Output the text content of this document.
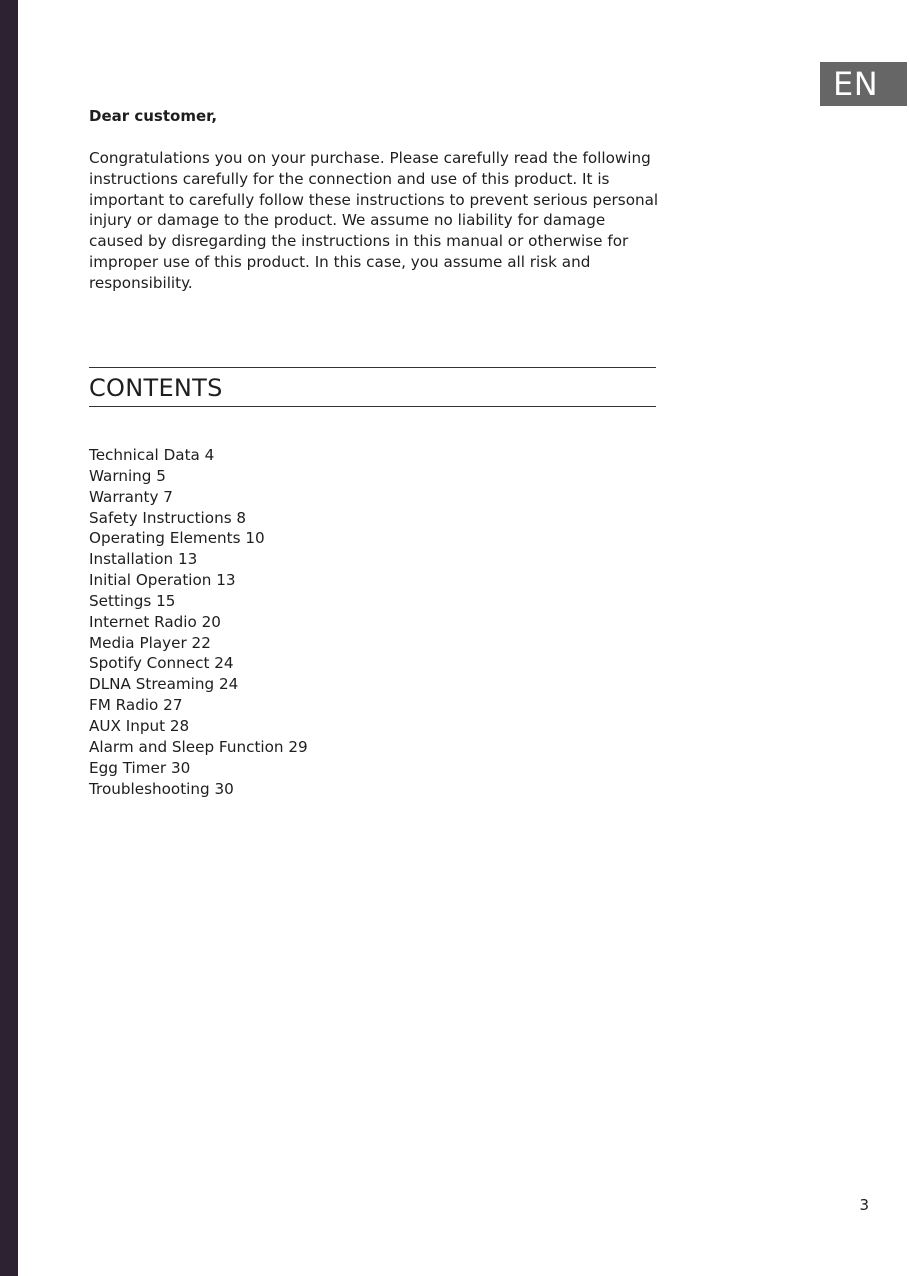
EN

Dear customer,

Congratulations you on your purchase. Please carefully read the following instructions carefully for the connection and use of this product. It is important to carefully follow these instructions to prevent serious personal injury or damage to the product. We assume no liability for damage caused by disregarding the instructions in this manual or otherwise for improper use of this product. In this case, you assume all risk and responsibility.

CONTENTS
Technical Data 4
Warning 5
Warranty 7
Safety Instructions 8
Operating Elements 10
Installation 13
Initial Operation 13
Settings 15
Internet Radio 20
Media Player 22
Spotify Connect 24
DLNA Streaming 24
FM Radio 27
AUX Input 28
Alarm and Sleep Function 29
Egg Timer 30
Troubleshooting 30
3
